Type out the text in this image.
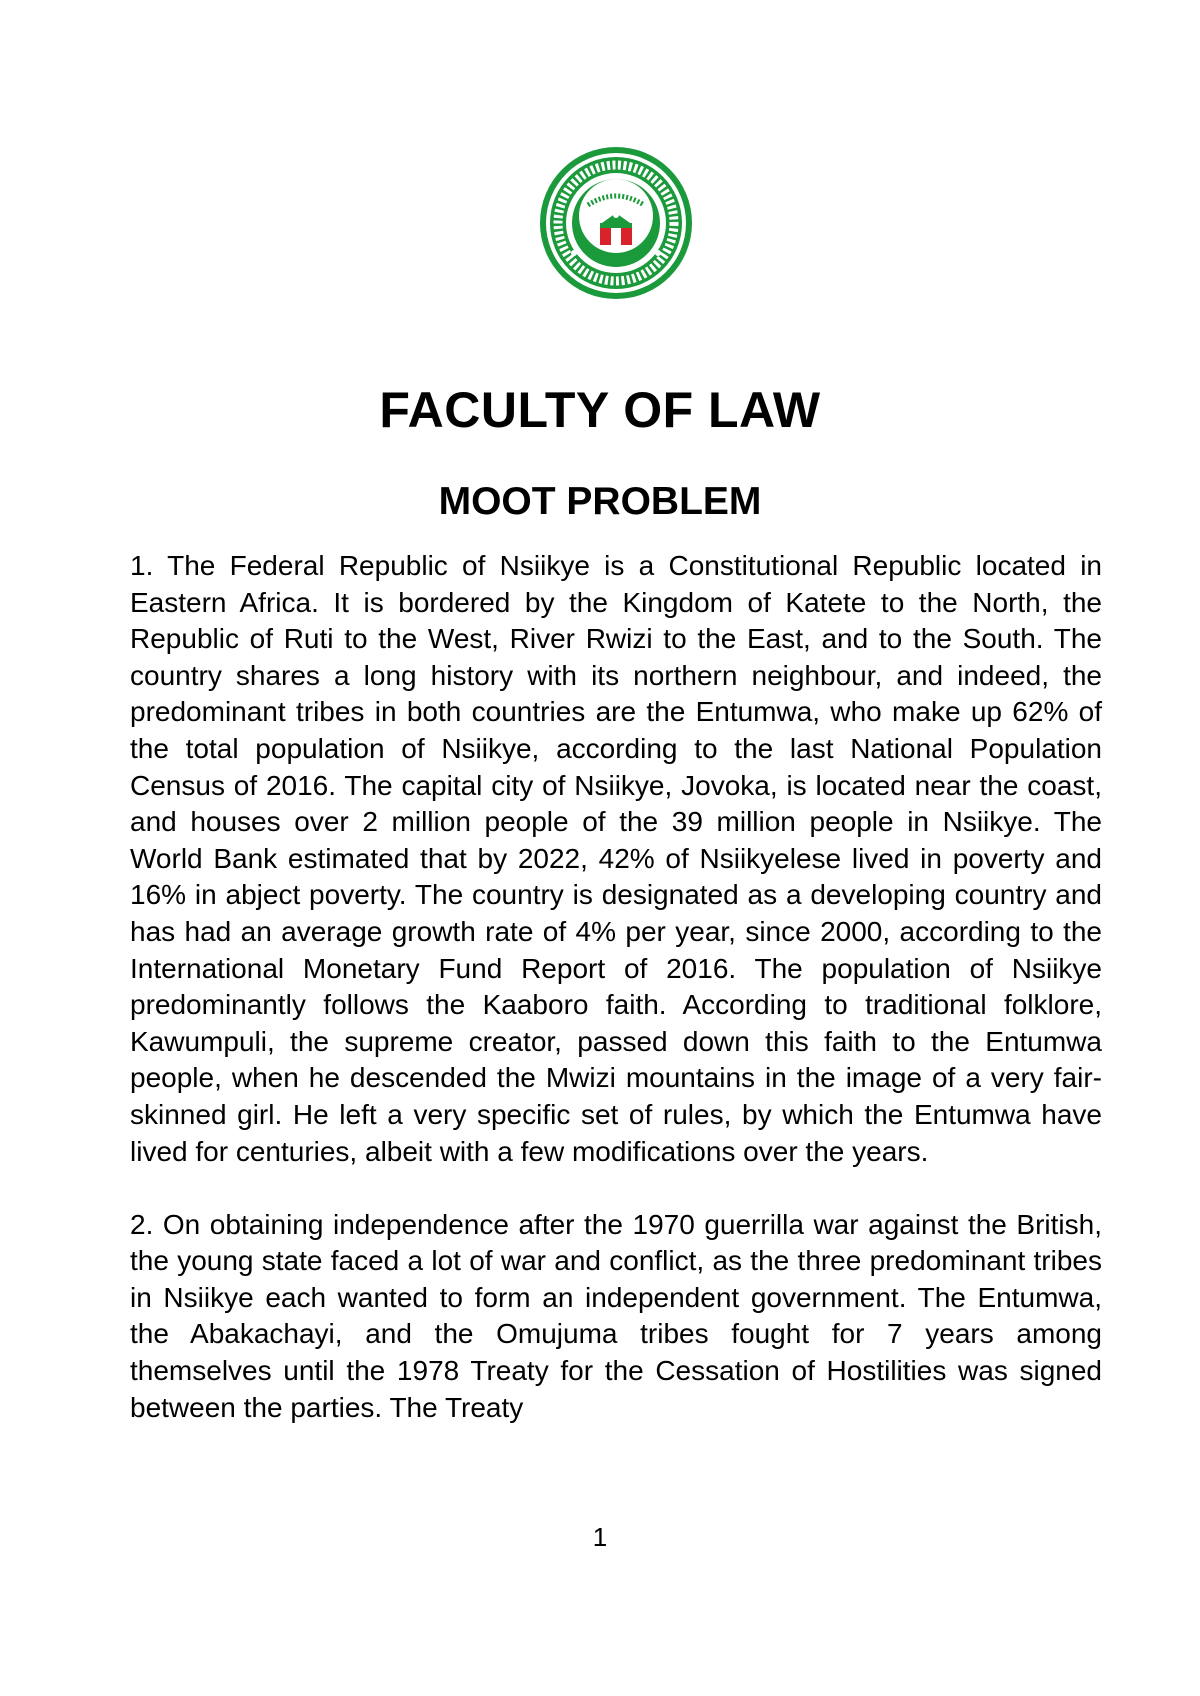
FACULTY OF LAW
MOOT PROBLEM

1. The Federal Republic of Nsiikye is a Constitutional Republic located in Eastern Africa. It is bordered by the Kingdom of Katete to the North, the Republic of Ruti to the West, River Rwizi to the East, and to the South. The country shares a long history with its northern neighbour, and indeed, the predominant tribes in both countries are the Entumwa, who make up 62% of the total population of Nsiikye, according to the last National Population Census of 2016. The capital city of Nsiikye, Jovoka, is located near the coast, and houses over 2 million people of the 39 million people in Nsiikye. The World Bank estimated that by 2022, 42% of Nsiikyelese lived in poverty and 16% in abject poverty. The country is designated as a developing country and has had an average growth rate of 4% per year, since 2000, according to the International Monetary Fund Report of 2016. The population of Nsiikye predominantly follows the Kaaboro faith. According to traditional folklore, Kawumpuli, the supreme creator, passed down this faith to the Entumwa people, when he descended the Mwizi mountains in the image of a very fair-skinned girl. He left a very specific set of rules, by which the Entumwa have lived for centuries, albeit with a few modifications over the years.

2. On obtaining independence after the 1970 guerrilla war against the British, the young state faced a lot of war and conflict, as the three predominant tribes in Nsiikye each wanted to form an independent government. The Entumwa, the Abakachayi, and the Omujuma tribes fought for 7 years among themselves until the 1978 Treaty for the Cessation of Hostilities was signed between the parties. The Treaty

1
